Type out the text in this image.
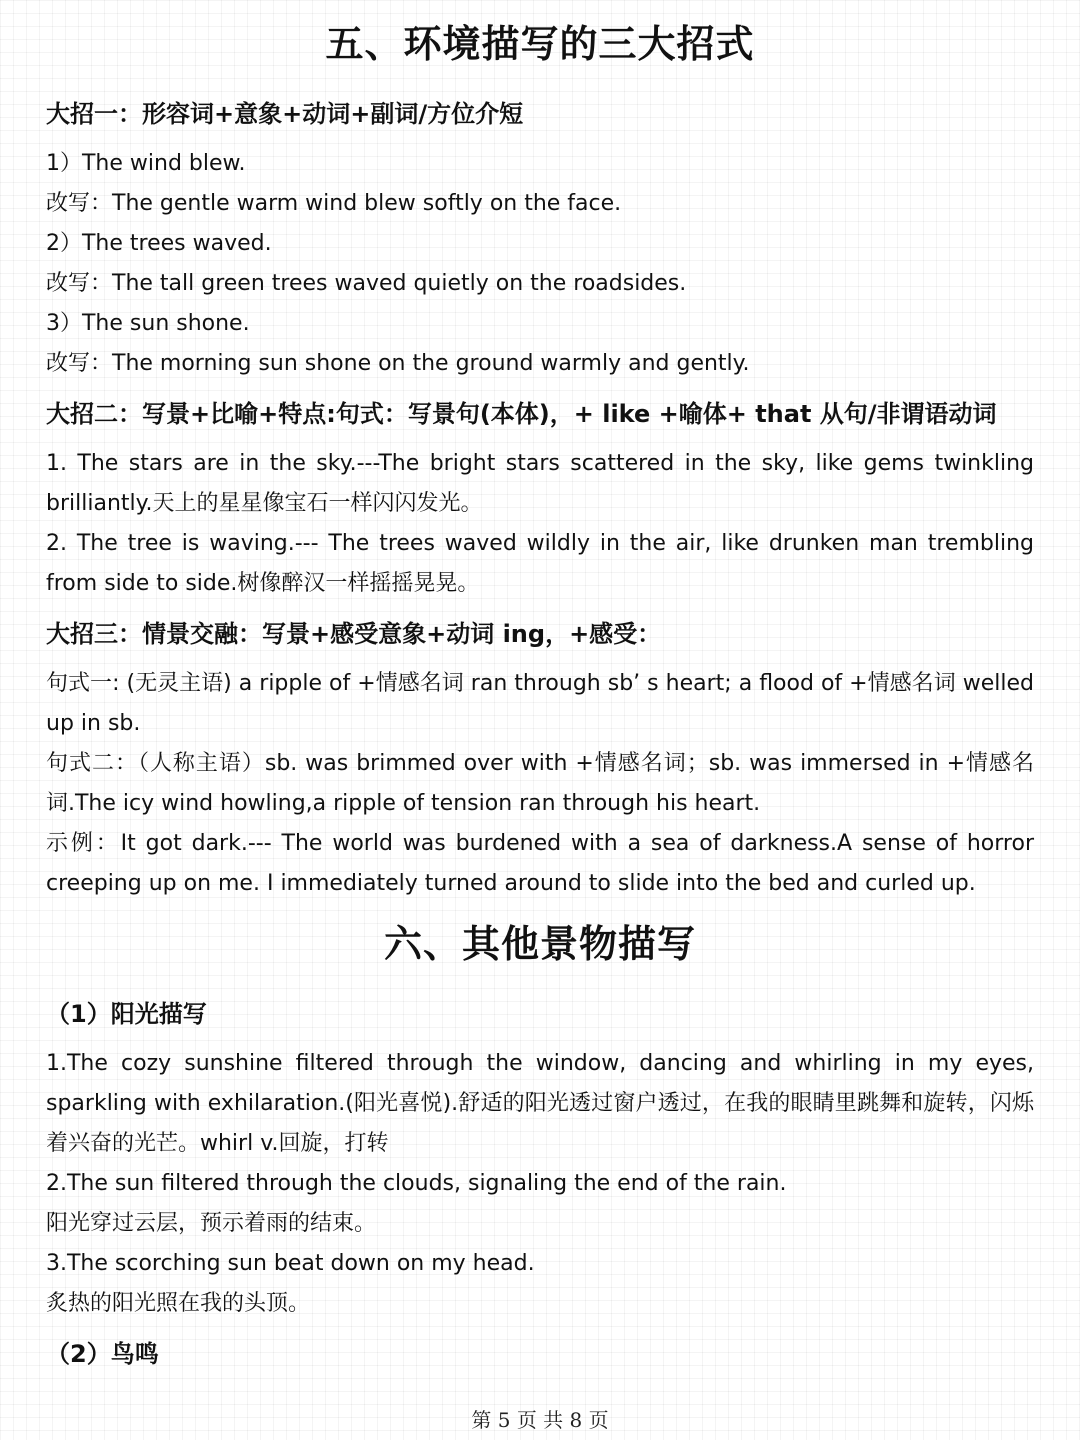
五、环境描写的三大招式
大招一：形容词+意象+动词+副词/方位介短
1）The wind blew.
改写：The gentle warm wind blew softly on the face.
2）The trees waved.
改写：The tall green trees waved quietly on the roadsides.
3）The sun shone.
改写：The morning sun shone on the ground warmly and gently.
大招二：写景+比喻+特点:句式：写景句(本体)，+ like +喻体+ that 从句/非谓语动词
1. The stars are in the sky.---The bright stars scattered in the sky, like gems twinkling brilliantly.天上的星星像宝石一样闪闪发光。
2. The tree is waving.--- The trees waved wildly in the air, like drunken man trembling from side to side.树像醉汉一样摇摇晃晃。
大招三：情景交融：写景+感受意象+动词 ing，+感受：
句式一: (无灵主语) a ripple of +情感名词 ran through sb’ s heart; a flood of +情感名词 welled up in sb.
句式二：（人称主语）sb. was brimmed over with +情感名词；sb. was immersed in +情感名词.The icy wind howling,a ripple of tension ran through his heart.
示例：It got dark.--- The world was burdened with a sea of darkness.A sense of horror creeping up on me. I immediately turned around to slide into the bed and curled up.
六、其他景物描写
（1）阳光描写
1.The cozy sunshine filtered through the window, dancing and whirling in my eyes, sparkling with exhilaration.(阳光喜悦).舒适的阳光透过窗户透过，在我的眼睛里跳舞和旋转，闪烁着兴奋的光芒。whirl v.回旋，打转
2.The sun filtered through the clouds, signaling the end of the rain.
阳光穿过云层，预示着雨的结束。
3.The scorching sun beat down on my head.
炙热的阳光照在我的头顶。
（2）鸟鸣
第 5 页 共 8 页
